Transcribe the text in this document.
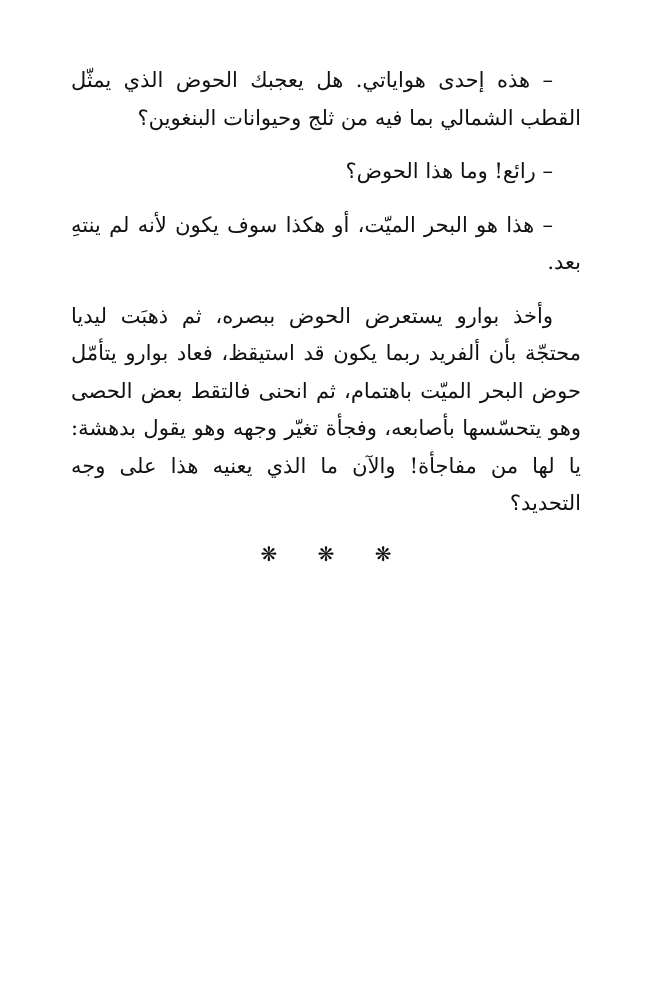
– هذه إحدى هواياتي. هل يعجبك الحوض الذي يمثّل القطب الشمالي بما فيه من ثلج وحيوانات البنغوين؟

– رائع! وما هذا الحوض؟

– هذا هو البحر الميّت، أو هكذا سوف يكون لأنه لم ينتهِ بعد.

وأخذ بوارو يستعرض الحوض ببصره، ثم ذهبَت ليديا محتجّة بأن ألفريد ربما يكون قد استيقظ، فعاد بوارو يتأمّل حوض البحر الميّت باهتمام، ثم انحنى فالتقط بعض الحصى وهو يتحسّسها بأصابعه، وفجأة تغيّر وجهه وهو يقول بدهشة: يا لها من مفاجأة! والآن ما الذي يعنيه هذا على وجه التحديد؟

❋ ❋ ❋
